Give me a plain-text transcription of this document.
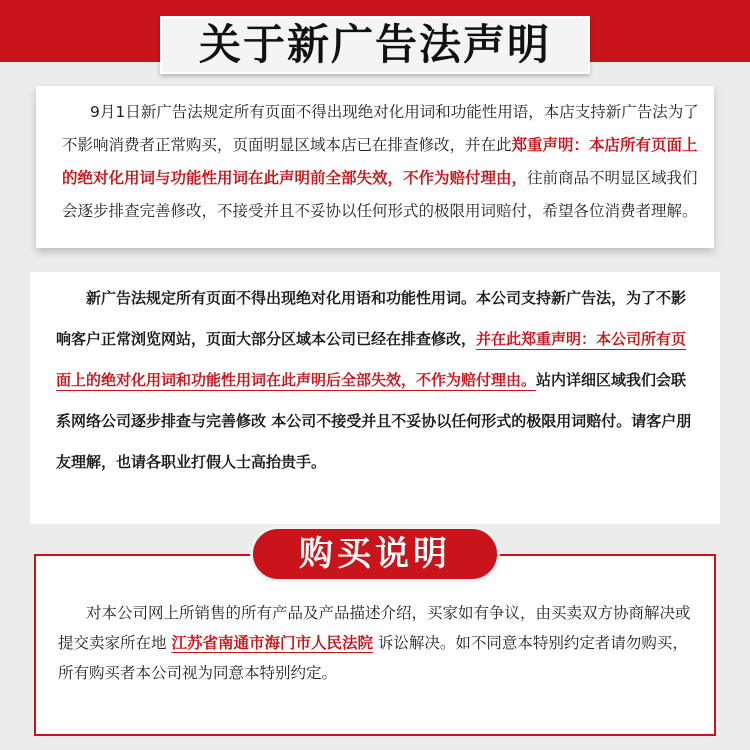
关于新广告法声明

9月1日新广告法规定所有页面不得出现绝对化用词和功能性用语，本店支持新广告法为了不影响消费者正常购买，页面明显区域本店已在排查修改，并在此郑重声明：本店所有页面上的绝对化用词与功能性用词在此声明前全部失效，不作为赔付理由，往前商品不明显区域我们会逐步排查完善修改，不接受并且不妥协以任何形式的极限用词赔付，希望各位消费者理解。

新广告法规定所有页面不得出现绝对化用语和功能性用词。本公司支持新广告法，为了不影响客户正常浏览网站，页面大部分区域本公司已经在排查修改，并在此郑重声明：本公司所有页面上的绝对化用词和功能性用词在此声明后全部失效，不作为赔付理由。站内详细区域我们会联系网络公司逐步排查与完善修改 本公司不接受并且不妥协以任何形式的极限用词赔付。请客户朋友理解，也请各职业打假人士高抬贵手。

购买说明

对本公司网上所销售的所有产品及产品描述介绍，买家如有争议，由买卖双方协商解决或提交卖家所在地 江苏省南通市海门市人民法院 诉讼解决。如不同意本特别约定者请勿购买，所有购买者本公司视为同意本特别约定。
